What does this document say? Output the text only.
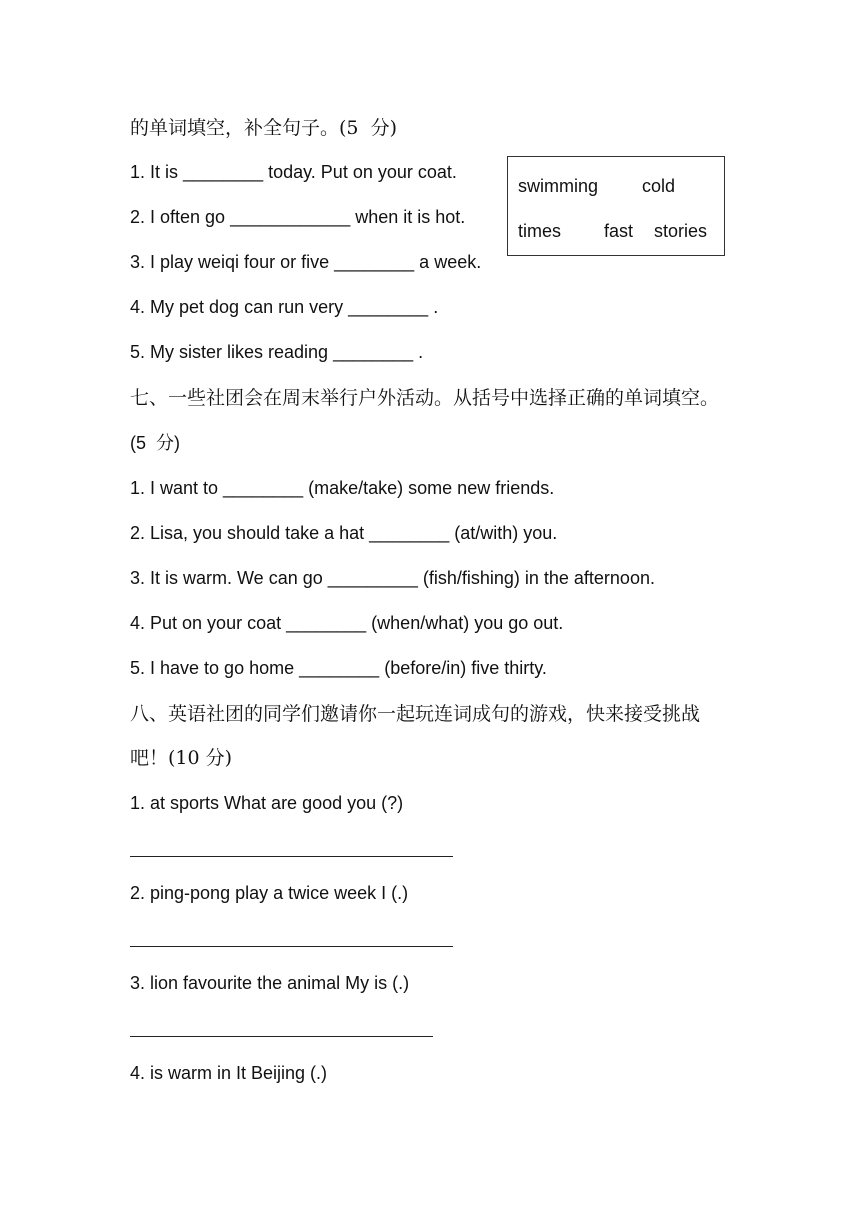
的单词填空，补全句子。(5  分)
1. It is ________ today. Put on your coat.
2. I often go ____________ when it is hot.
3. I play weiqi four or five ________ a week.
4. My pet dog can run very ________ .
5. My sister likes reading ________ .
swimming cold
times fast stories
七、一些社团会在周末举行户外活动。从括号中选择正确的单词填空。
(5  分)
1. I want to ________ (make/take) some new friends.
2. Lisa, you should take a hat ________ (at/with) you.
3. It is warm. We can go _________ (fish/fishing) in the afternoon.
4. Put on your coat ________ (when/what) you go out.
5. I have to go home ________ (before/in) five thirty.
八、英语社团的同学们邀请你一起玩连词成句的游戏，快来接受挑战
吧！(10 分)
1. at sports What are good you (?)
2. ping-pong play a twice week I (.)
3. lion favourite the animal My is (.)
4. is warm in It Beijing (.)
